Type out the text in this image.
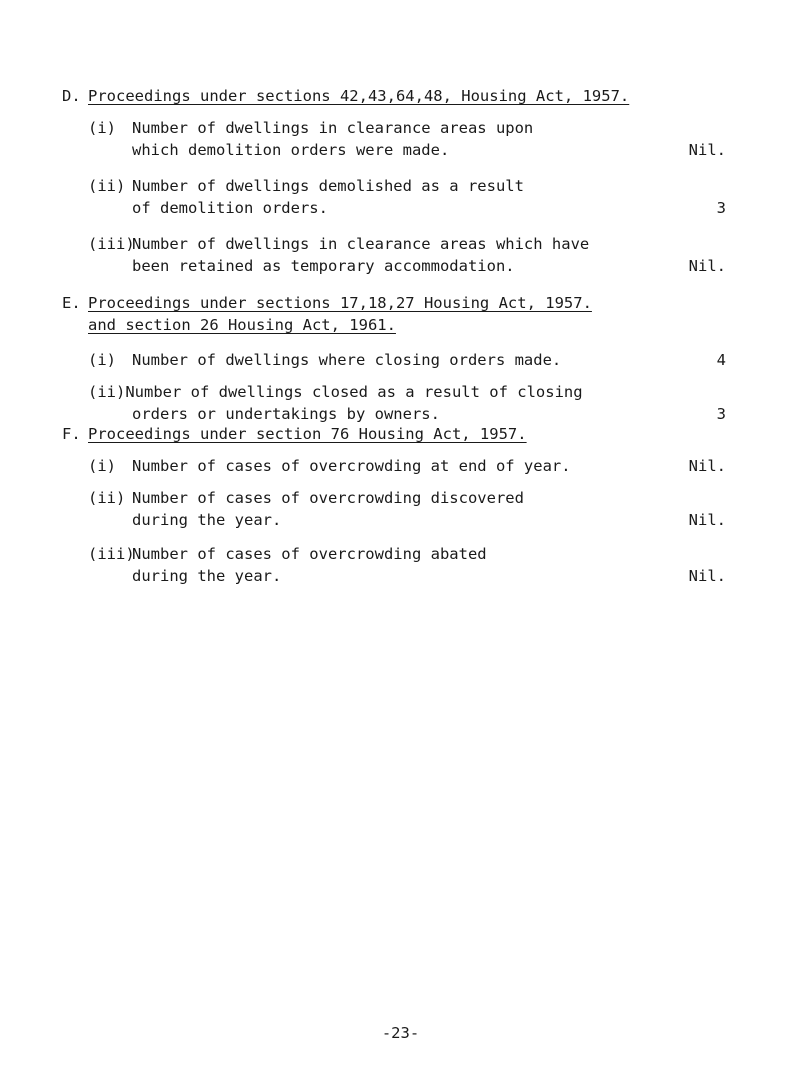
D. Proceedings under sections 42,43,64,48, Housing Act, 1957.
(i)	Number of dwellings in clearance areas upon
which demolition orders were made.	Nil.
(ii) Number of dwellings demolished as a result
of demolition orders.	3
(iii)
Number of dwellings in clearance areas which have
been retained as temporary accommodation.	Nil.
E. Proceedings under sections 17,18,27 Housing Act, 1957.
and section 26 Housing Act, 1961.
(i)	Number of dwellings where closing orders made.	4
(ii) Number of dwellings closed as a result of closing
orders or undertakings by owners.	3
F. Proceedings under section 76 Housing Act, 1957.
(i)	Number of cases of overcrowding at end of year.	Nil.
(ii) Number of cases of overcrowding discovered
during the year.	Nil.
(iii)
Number of cases of overcrowding abated
during the year.	Nil.
-23-
